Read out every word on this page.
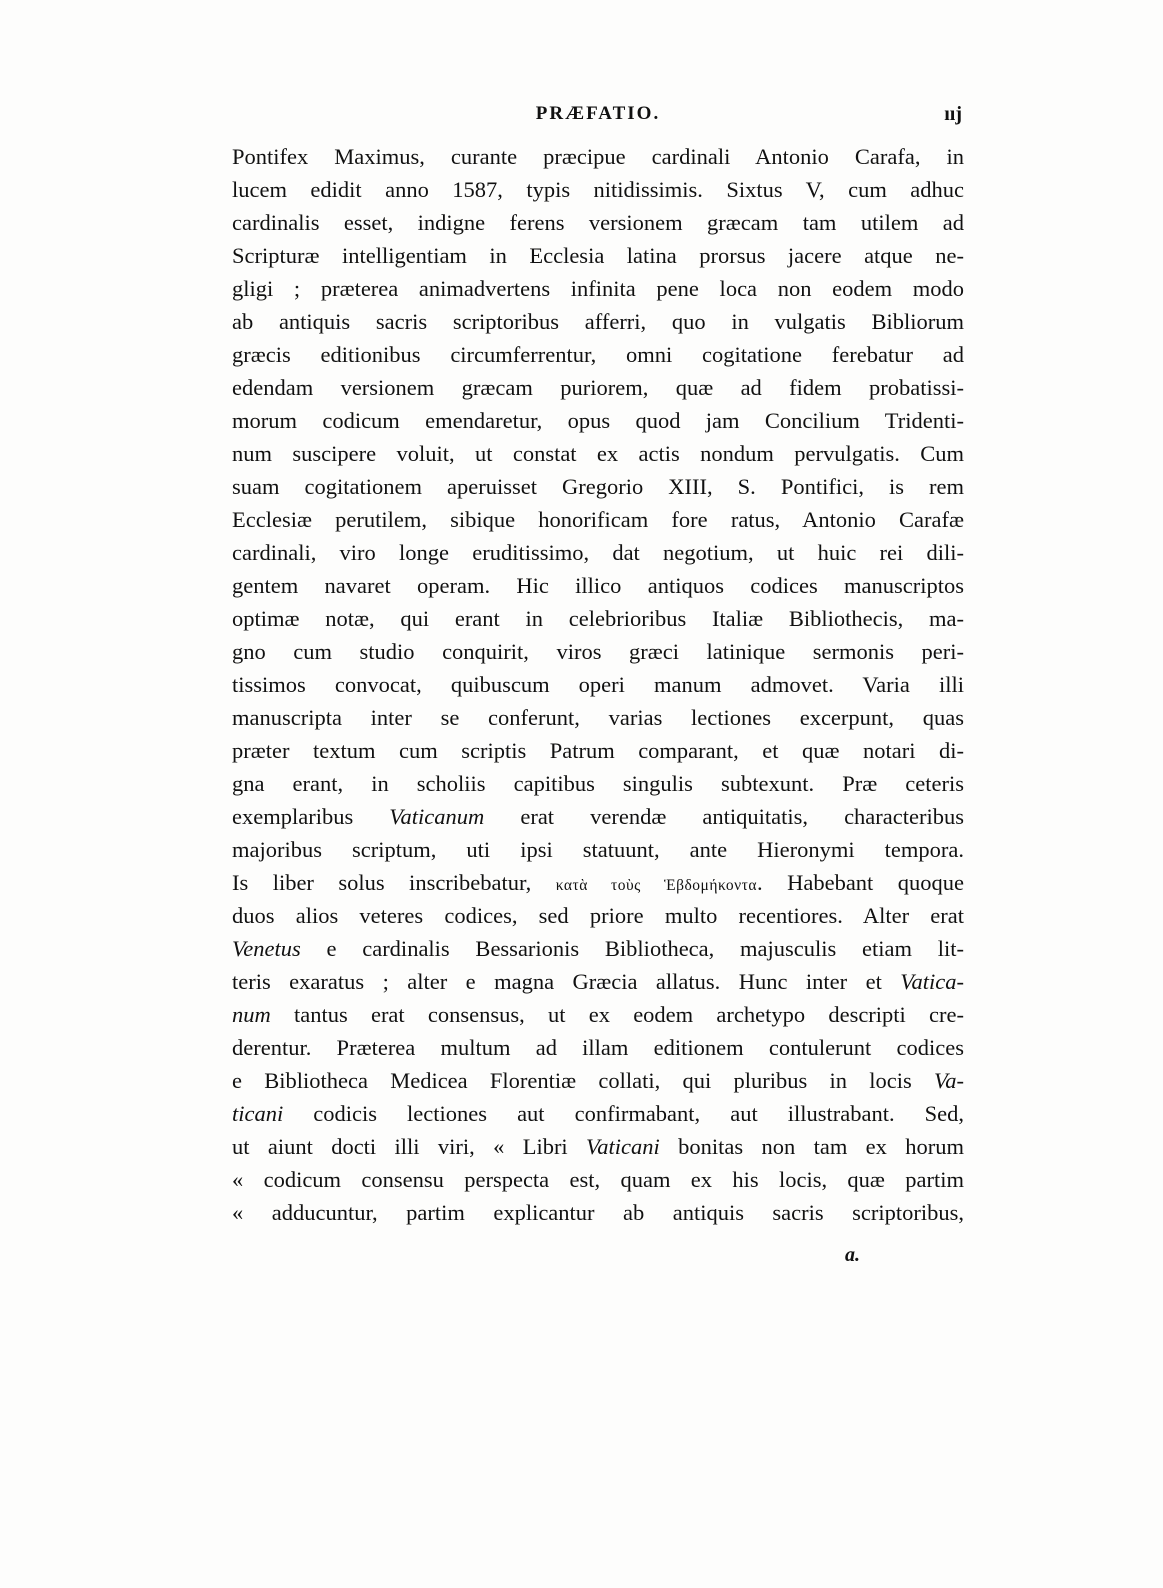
PRÆFATIO.	ııj
Pontifex Maximus, curante præcipue cardinali Antonio Carafa, in
lucem edidit anno 1587, typis nitidissimis. Sixtus V, cum adhuc
cardinalis esset, indigne ferens versionem græcam tam utilem ad
Scripturæ intelligentiam in Ecclesia latina prorsus jacere atque ne-
gligi ; præterea animadvertens infinita pene loca non eodem modo
ab antiquis sacris scriptoribus afferri, quo in vulgatis Bibliorum
græcis editionibus circumferrentur, omni cogitatione ferebatur ad
edendam versionem græcam puriorem, quæ ad fidem probatissi-
morum codicum emendaretur, opus quod jam Concilium Tridenti-
num suscipere voluit, ut constat ex actis nondum pervulgatis. Cum
suam cogitationem aperuisset Gregorio XIII, S. Pontifici, is rem
Ecclesiæ perutilem, sibique honorificam fore ratus, Antonio Carafæ
cardinali, viro longe eruditissimo, dat negotium, ut huic rei dili-
gentem navaret operam. Hic illico antiquos codices manuscriptos
optimæ notæ, qui erant in celebrioribus Italiæ Bibliothecis, ma-
gno cum studio conquirit, viros græci latinique sermonis peri-
tissimos convocat, quibuscum operi manum admovet. Varia illi
manuscripta inter se conferunt, varias lectiones excerpunt, quas
præter textum cum scriptis Patrum comparant, et quæ notari di-
gna erant, in scholiis capitibus singulis subtexunt. Præ ceteris
exemplaribus Vaticanum erat verendæ antiquitatis, characteribus
majoribus scriptum, uti ipsi statuunt, ante Hieronymi tempora.
Is liber solus inscribebatur, κατὰ τοὺς Ἑβδομήκοντα. Habebant quoque
duos alios veteres codices, sed priore multo recentiores. Alter erat
Venetus e cardinalis Bessarionis Bibliotheca, majusculis etiam lit-
teris exaratus ; alter e magna Græcia allatus. Hunc inter et Vatica-
num tantus erat consensus, ut ex eodem archetypo descripti cre-
derentur. Præterea multum ad illam editionem contulerunt codices
e Bibliotheca Medicea Florentiæ collati, qui pluribus in locis Va-
ticani codicis lectiones aut confirmabant, aut illustrabant. Sed,
ut aiunt docti illi viri, « Libri Vaticani bonitas non tam ex horum
« codicum consensu perspecta est, quam ex his locis, quæ partim
« adducuntur, partim explicantur ab antiquis sacris scriptoribus,
a.
